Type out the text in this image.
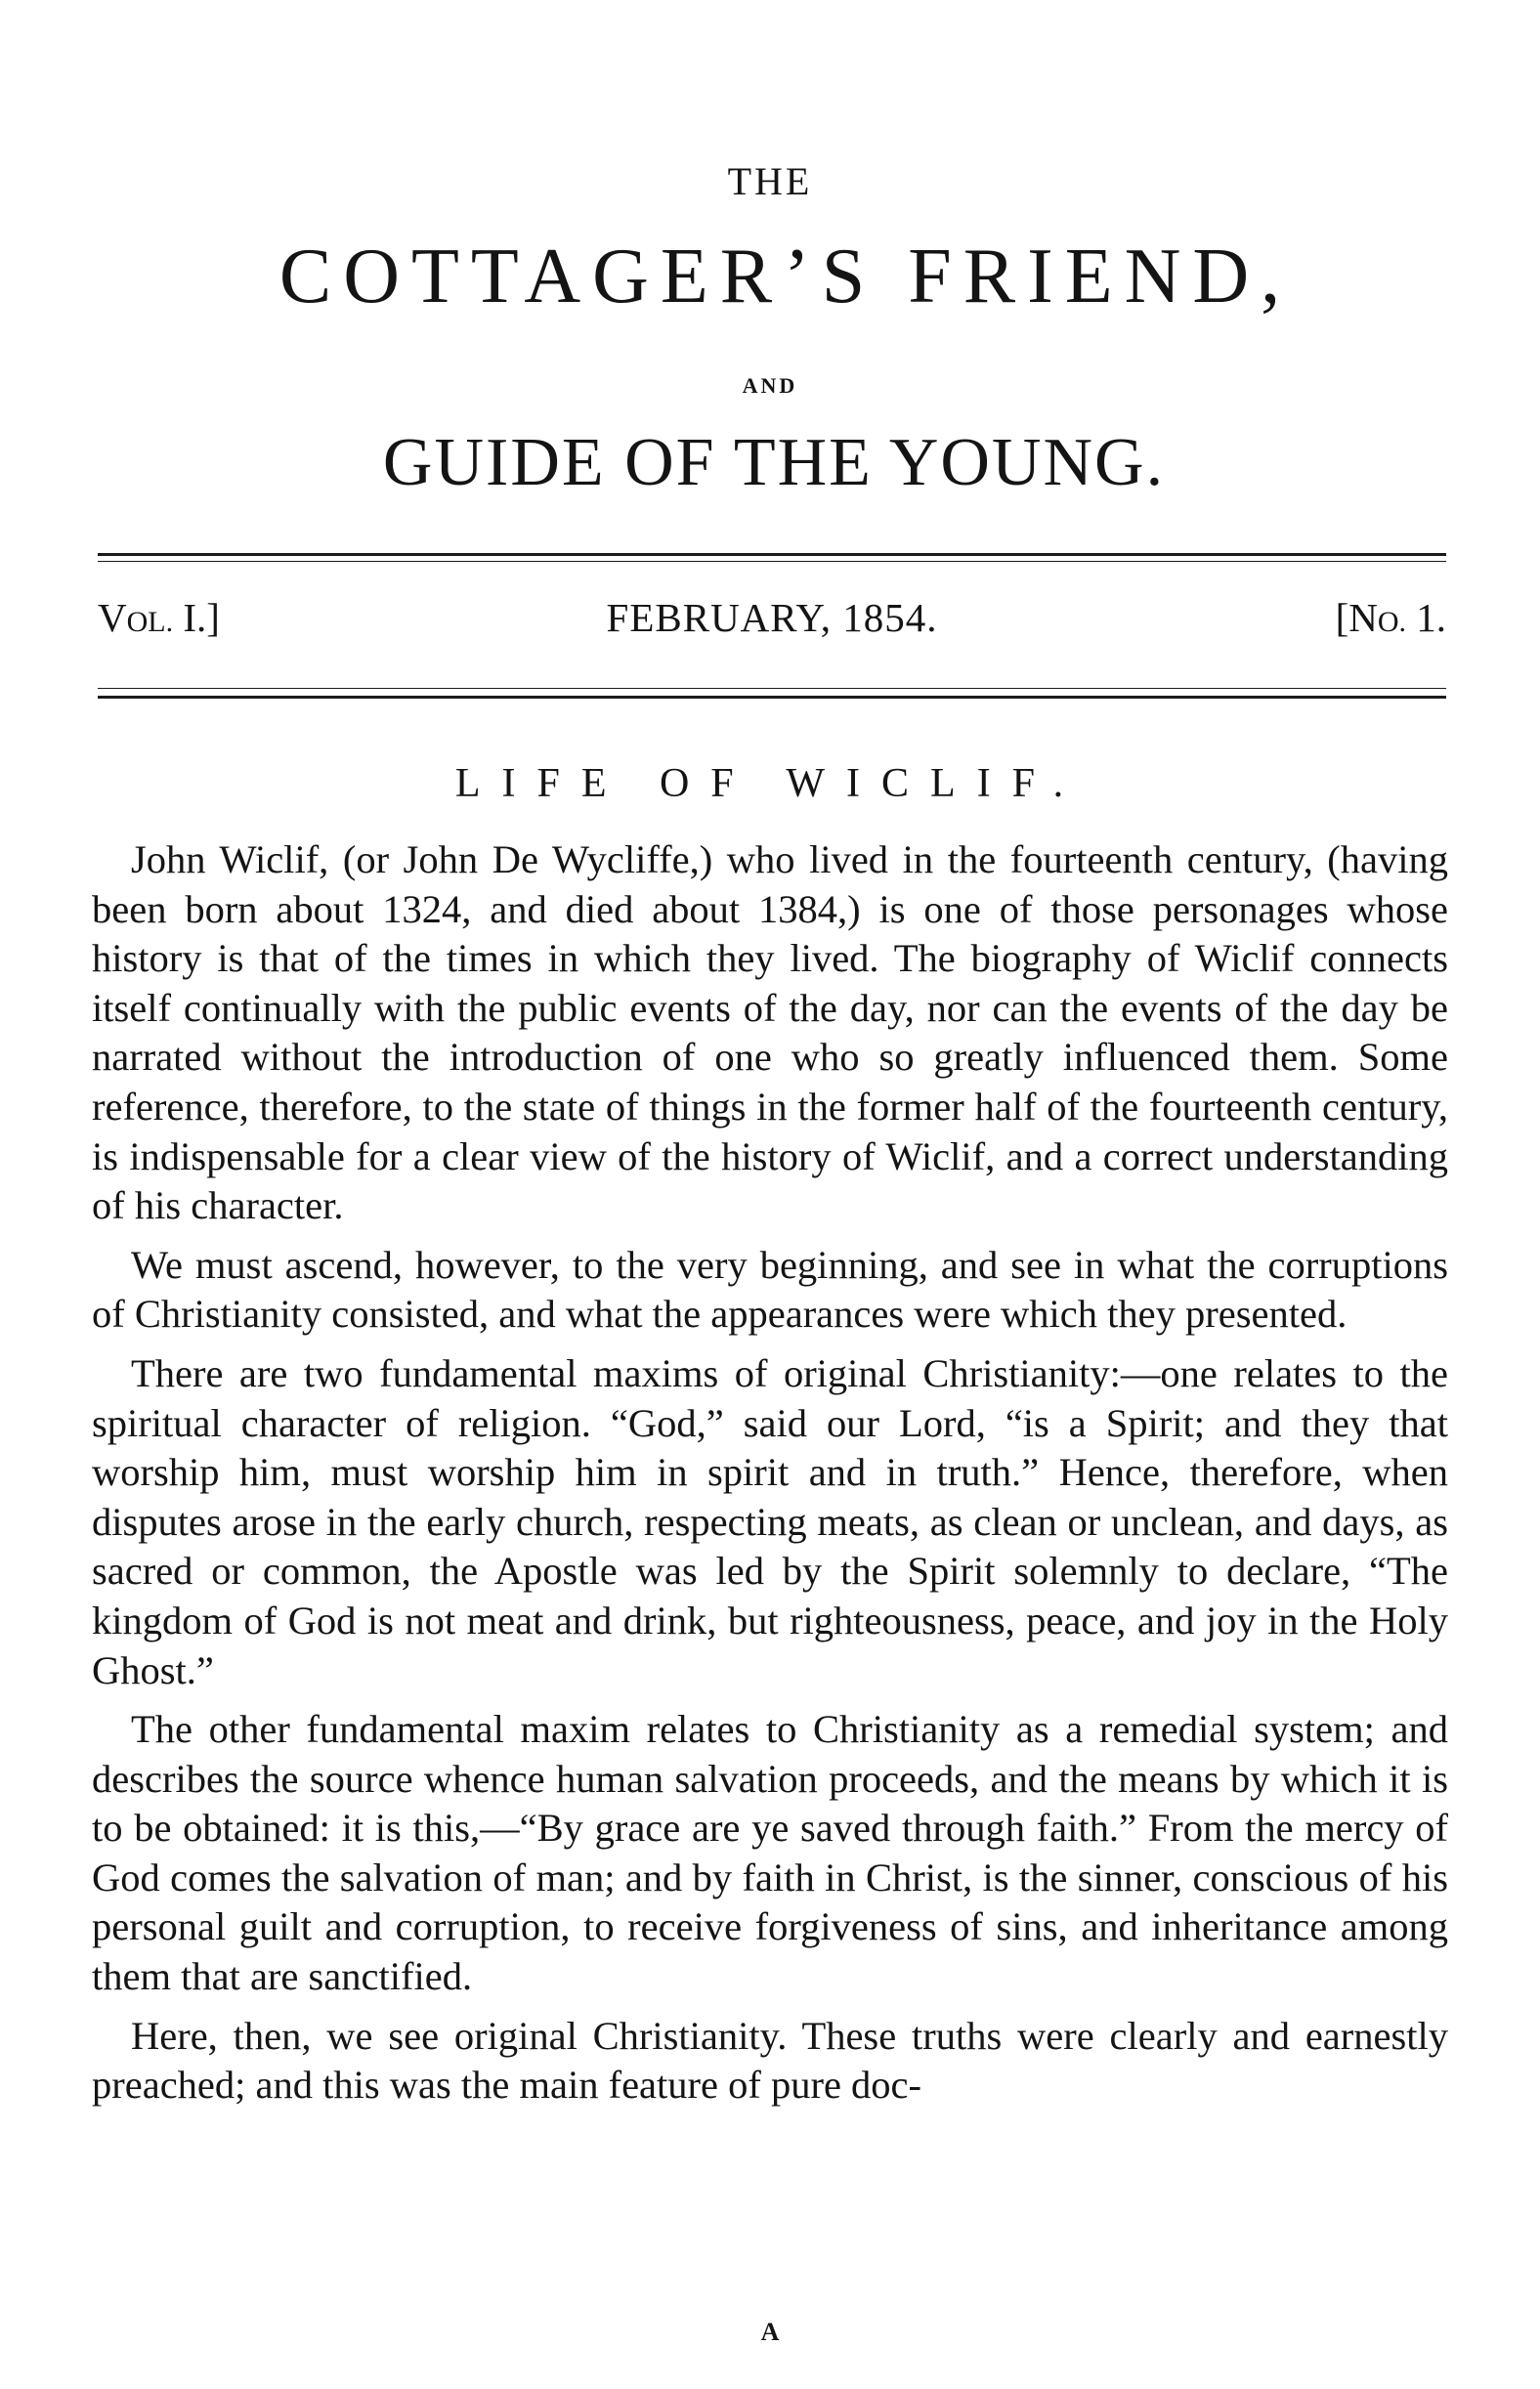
THE
COTTAGER’S FRIEND,
AND
GUIDE OF THE YOUNG.
VOL. I.]	FEBRUARY, 1854.	[NO. 1.
LIFE OF WICLIF.

John Wiclif, (or John De Wycliffe,) who lived in the fourteenth century, (having been born about 1324, and died about 1384,) is one of those personages whose history is that of the times in which they lived. The biography of Wiclif connects itself continually with the public events of the day, nor can the events of the day be narrated without the introduction of one who so greatly influenced them. Some reference, therefore, to the state of things in the former half of the fourteenth century, is indispensable for a clear view of the history of Wiclif, and a correct understanding of his character.

We must ascend, however, to the very beginning, and see in what the corruptions of Christianity consisted, and what the appearances were which they presented.

There are two fundamental maxims of original Christianity:—one relates to the spiritual character of religion. “God,” said our Lord, “is a Spirit; and they that worship him, must worship him in spirit and in truth.” Hence, therefore, when disputes arose in the early church, respecting meats, as clean or unclean, and days, as sacred or common, the Apostle was led by the Spirit solemnly to declare, “The kingdom of God is not meat and drink, but righteousness, peace, and joy in the Holy Ghost.”

The other fundamental maxim relates to Christianity as a remedial system; and describes the source whence human salvation proceeds, and the means by which it is to be obtained: it is this,—“By grace are ye saved through faith.” From the mercy of God comes the salvation of man; and by faith in Christ, is the sinner, conscious of his personal guilt and corruption, to receive forgiveness of sins, and inheritance among them that are sanctified.

Here, then, we see original Christianity. These truths were clearly and earnestly preached; and this was the main feature of pure doc-

A
